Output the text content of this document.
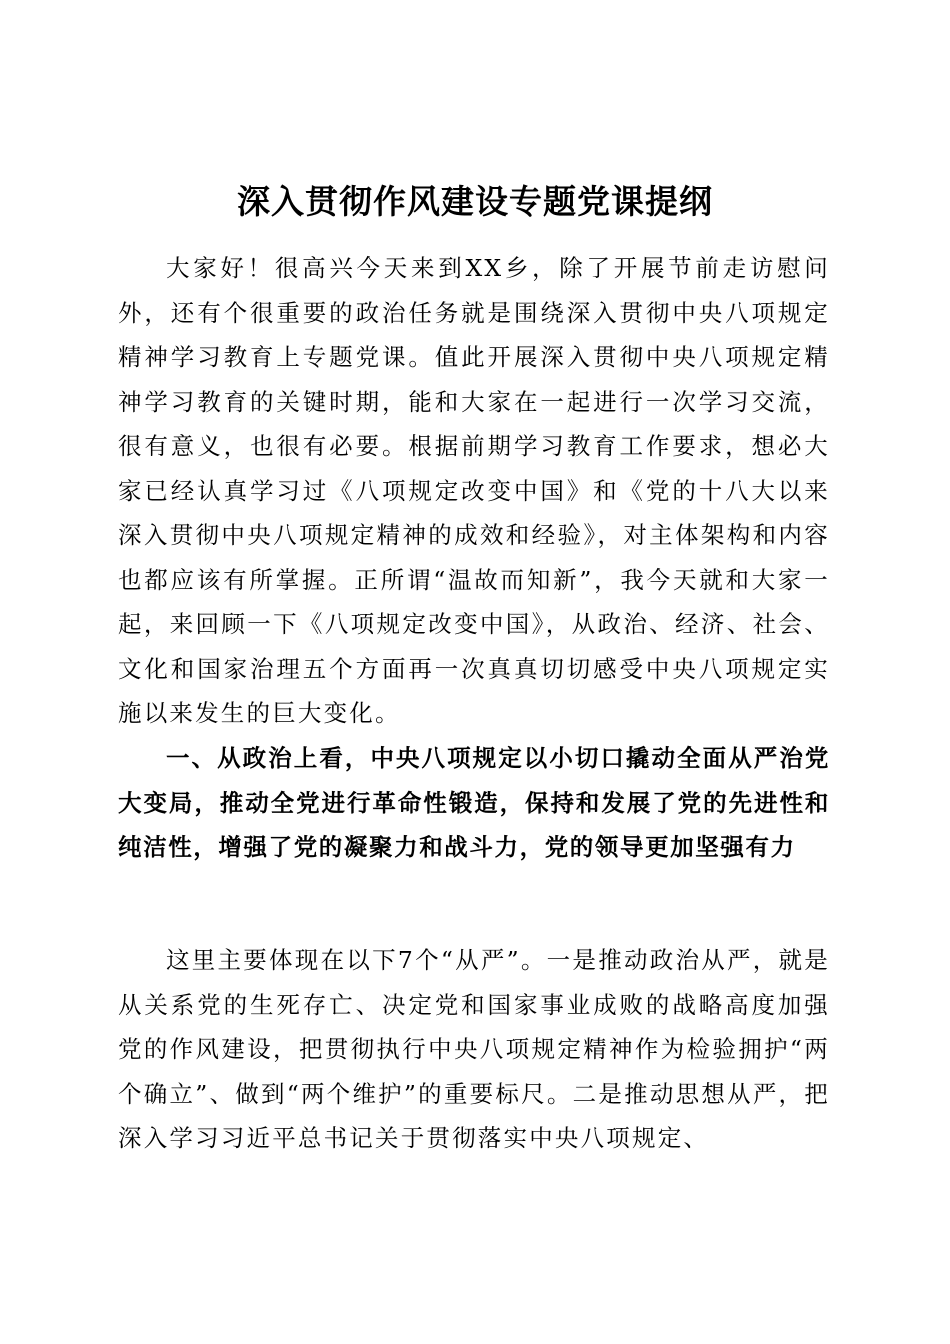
深入贯彻作风建设专题党课提纲

大家好！很高兴今天来到XX乡，除了开展节前走访慰问外，还有个很重要的政治任务就是围绕深入贯彻中央八项规定精神学习教育上专题党课。值此开展深入贯彻中央八项规定精神学习教育的关键时期，能和大家在一起进行一次学习交流，很有意义，也很有必要。根据前期学习教育工作要求，想必大家已经认真学习过《八项规定改变中国》和《党的十八大以来深入贯彻中央八项规定精神的成效和经验》，对主体架构和内容也都应该有所掌握。正所谓“温故而知新”，我今天就和大家一起，来回顾一下《八项规定改变中国》，从政治、经济、社会、文化和国家治理五个方面再一次真真切切感受中央八项规定实施以来发生的巨大变化。

一、从政治上看，中央八项规定以小切口撬动全面从严治党大变局，推动全党进行革命性锻造，保持和发展了党的先进性和纯洁性，增强了党的凝聚力和战斗力，党的领导更加坚强有力

这里主要体现在以下7个“从严”。一是推动政治从严，就是从关系党的生死存亡、决定党和国家事业成败的战略高度加强党的作风建设，把贯彻执行中央八项规定精神作为检验拥护“两个确立”、做到“两个维护”的重要标尺。二是推动思想从严，把深入学习习近平总书记关于贯彻落实中央八项规定、
